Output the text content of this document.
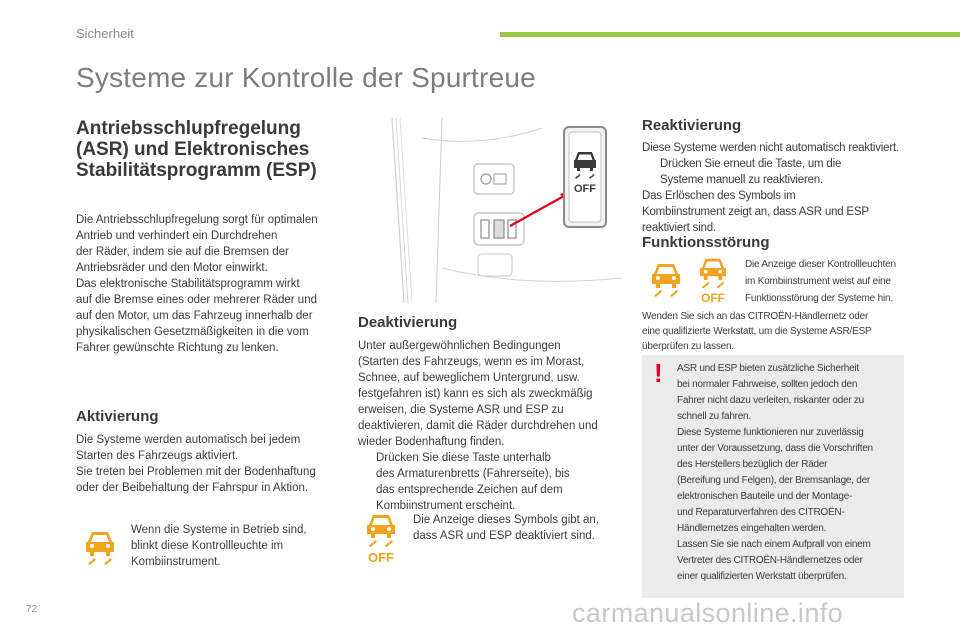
Sicherheit
Systeme zur Kontrolle der Spurtreue
Antriebsschlupfregelung
(ASR) und Elektronisches
Stabilitätsprogramm (ESP)
Die Antriebsschlupfregelung sorgt für optimalen
Antrieb und verhindert ein Durchdrehen
der Räder, indem sie auf die Bremsen der
Antriebsräder und den Motor einwirkt.
Das elektronische Stabilitätsprogramm wirkt
auf die Bremse eines oder mehrerer Räder und
auf den Motor, um das Fahrzeug innerhalb der
physikalischen Gesetzmäßigkeiten in die vom
Fahrer gewünschte Richtung zu lenken.
Aktivierung
Die Systeme werden automatisch bei jedem
Starten des Fahrzeugs aktiviert.
Sie treten bei Problemen mit der Bodenhaftung
oder der Beibehaltung der Fahrspur in Aktion.
Wenn die Systeme in Betrieb sind,
blinkt diese Kontrollleuchte im
Kombiinstrument.
OFF
Deaktivierung
Unter außergewöhnlichen Bedingungen
(Starten des Fahrzeugs, wenn es im Morast,
Schnee, auf beweglichem Untergrund, usw.
festgefahren ist) kann es sich als zweckmäßig
erweisen, die Systeme ASR und ESP zu
deaktivieren, damit die Räder durchdrehen und
wieder Bodenhaftung finden.
Drücken Sie diese Taste unterhalb
des Armaturenbretts (Fahrerseite), bis
das entsprechende Zeichen auf dem
Kombiinstrument erscheint.
OFF
Die Anzeige dieses Symbols gibt an,
dass ASR und ESP deaktiviert sind.
Reaktivierung
Diese Systeme werden nicht automatisch reaktiviert.
Drücken Sie erneut die Taste, um die
Systeme manuell zu reaktivieren.
Das Erlöschen des Symbols im
Kombiinstrument zeigt an, dass ASR und ESP
reaktiviert sind.
Funktionsstörung
OFF
Die Anzeige dieser Kontrollleuchten
im Kombiinstrument weist auf eine
Funktionsstörung der Systeme hin.
Wenden Sie sich an das CITROËN-Händlernetz oder
eine qualifizierte Werkstatt, um die Systeme ASR/ESP
überprüfen zu lassen.
! ASR und ESP bieten zusätzliche Sicherheit
bei normaler Fahrweise, sollten jedoch den
Fahrer nicht dazu verleiten, riskanter oder zu
schnell zu fahren.
Diese Systeme funktionieren nur zuverlässig
unter der Voraussetzung, dass die Vorschriften
des Herstellers bezüglich der Räder
(Bereifung und Felgen), der Bremsanlage, der
elektronischen Bauteile und der Montage-
und Reparaturverfahren des CITROËN-
Händlernetzes eingehalten werden.
Lassen Sie sie nach einem Aufprall von einem
Vertreter des CITROËN-Händlernetzes oder
einer qualifizierten Werkstatt überprüfen.
72	carmanualsonline.info
